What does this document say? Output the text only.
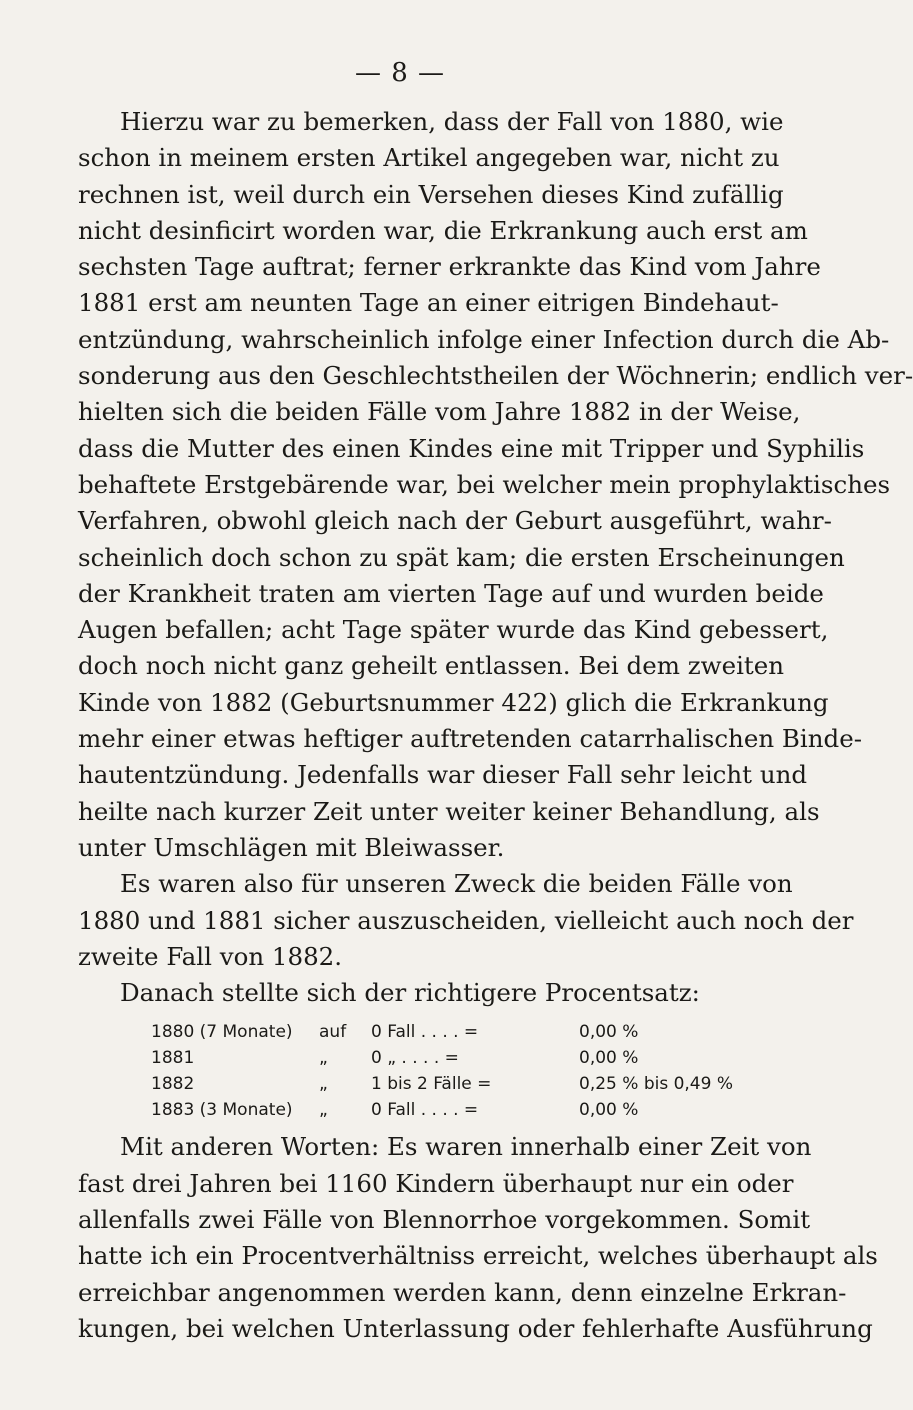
— 8 —
Hierzu war zu bemerken, dass der Fall von 1880, wie
schon in meinem ersten Artikel angegeben war, nicht zu
rechnen ist, weil durch ein Versehen dieses Kind zufällig
nicht desinficirt worden war, die Erkrankung auch erst am
sechsten Tage auftrat; ferner erkrankte das Kind vom Jahre
1881 erst am neunten Tage an einer eitrigen Bindehaut-
entzündung, wahrscheinlich infolge einer Infection durch die Ab-
sonderung aus den Geschlechtstheilen der Wöchnerin; endlich ver-
hielten sich die beiden Fälle vom Jahre 1882 in der Weise,
dass die Mutter des einen Kindes eine mit Tripper und Syphilis
behaftete Erstgebärende war, bei welcher mein prophylaktisches
Verfahren, obwohl gleich nach der Geburt ausgeführt, wahr-
scheinlich doch schon zu spät kam; die ersten Erscheinungen
der Krankheit traten am vierten Tage auf und wurden beide
Augen befallen; acht Tage später wurde das Kind gebessert,
doch noch nicht ganz geheilt entlassen. Bei dem zweiten
Kinde von 1882 (Geburtsnummer 422) glich die Erkrankung
mehr einer etwas heftiger auftretenden catarrhalischen Binde-
hautentzündung. Jedenfalls war dieser Fall sehr leicht und
heilte nach kurzer Zeit unter weiter keiner Behandlung, als
unter Umschlägen mit Bleiwasser.
Es waren also für unseren Zweck die beiden Fälle von
1880 und 1881 sicher auszuscheiden, vielleicht auch noch der
zweite Fall von 1882.
Danach stellte sich der richtigere Procentsatz:
1880 (7 Monate)	auf	0 Fall . . . . =	0,00 %
1881	„	0 „ . . . . =	0,00 %
1882	„	1 bis 2 Fälle =	0,25 % bis 0,49 %
1883 (3 Monate)	„	0 Fall . . . . =	0,00 %
Mit anderen Worten: Es waren innerhalb einer Zeit von
fast drei Jahren bei 1160 Kindern überhaupt nur ein oder
allenfalls zwei Fälle von Blennorrhoe vorgekommen. Somit
hatte ich ein Procentverhältniss erreicht, welches überhaupt als
erreichbar angenommen werden kann, denn einzelne Erkran-
kungen, bei welchen Unterlassung oder fehlerhafte Ausführung
